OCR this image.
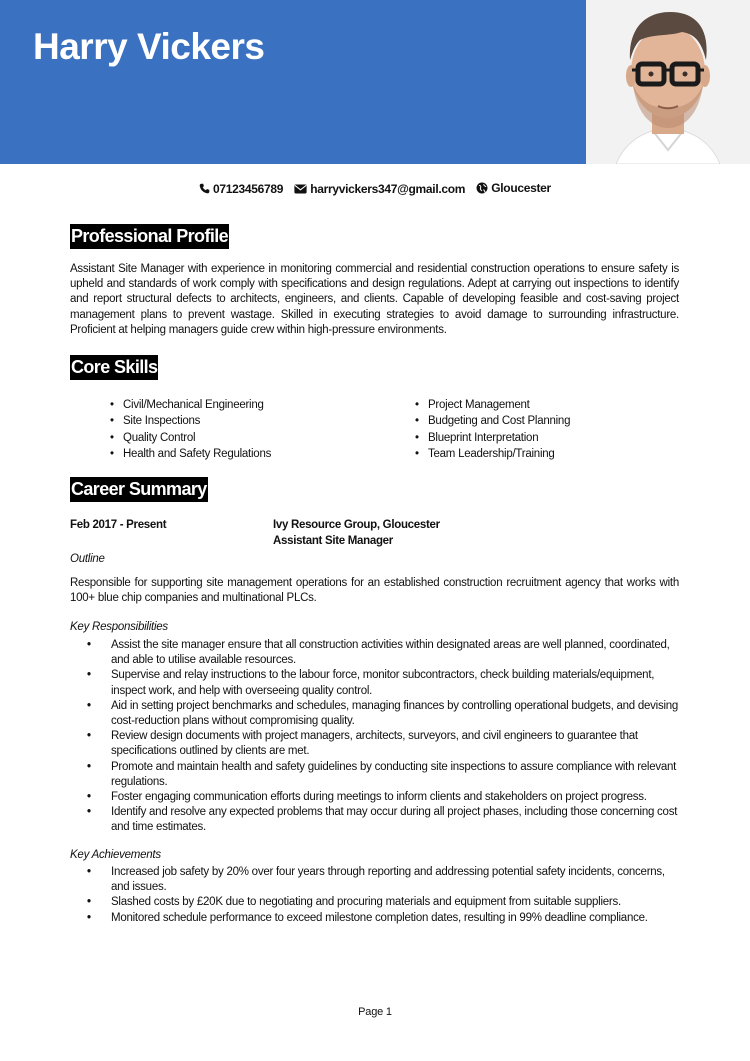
Harry Vickers
07123456789
harryvickers347@gmail.com
Gloucester
Professional Profile

Assistant Site Manager with experience in monitoring commercial and residential construction operations to ensure safety is upheld and standards of work comply with specifications and design regulations. Adept at carrying out inspections to identify and report structural defects to architects, engineers, and clients. Capable of developing feasible and cost-saving project management plans to prevent wastage. Skilled in executing strategies to avoid damage to surrounding infrastructure. Proficient at helping managers guide crew within high-pressure environments.

Core Skills
• Civil/Mechanical Engineering
• Site Inspections
• Quality Control
• Health and Safety Regulations
• Project Management
• Budgeting and Cost Planning
• Blueprint Interpretation
• Team Leadership/Training
Career Summary
Feb 2017 - Present	Ivy Resource Group, Gloucester
Assistant Site Manager
Outline

Responsible for supporting site management operations for an established construction recruitment agency that works with 100+ blue chip companies and multinational PLCs.

Key Responsibilities
• Assist the site manager ensure that all construction activities within designated areas are well planned, coordinated, and able to utilise available resources.
• Supervise and relay instructions to the labour force, monitor subcontractors, check building materials/equipment, inspect work, and help with overseeing quality control.
• Aid in setting project benchmarks and schedules, managing finances by controlling operational budgets, and devising cost-reduction plans without compromising quality.
• Review design documents with project managers, architects, surveyors, and civil engineers to guarantee that specifications outlined by clients are met.
• Promote and maintain health and safety guidelines by conducting site inspections to assure compliance with relevant regulations.
• Foster engaging communication efforts during meetings to inform clients and stakeholders on project progress.
• Identify and resolve any expected problems that may occur during all project phases, including those concerning cost and time estimates.
Key Achievements
• Increased job safety by 20% over four years through reporting and addressing potential safety incidents, concerns, and issues.
• Slashed costs by £20K due to negotiating and procuring materials and equipment from suitable suppliers.
• Monitored schedule performance to exceed milestone completion dates, resulting in 99% deadline compliance.
Page 1
